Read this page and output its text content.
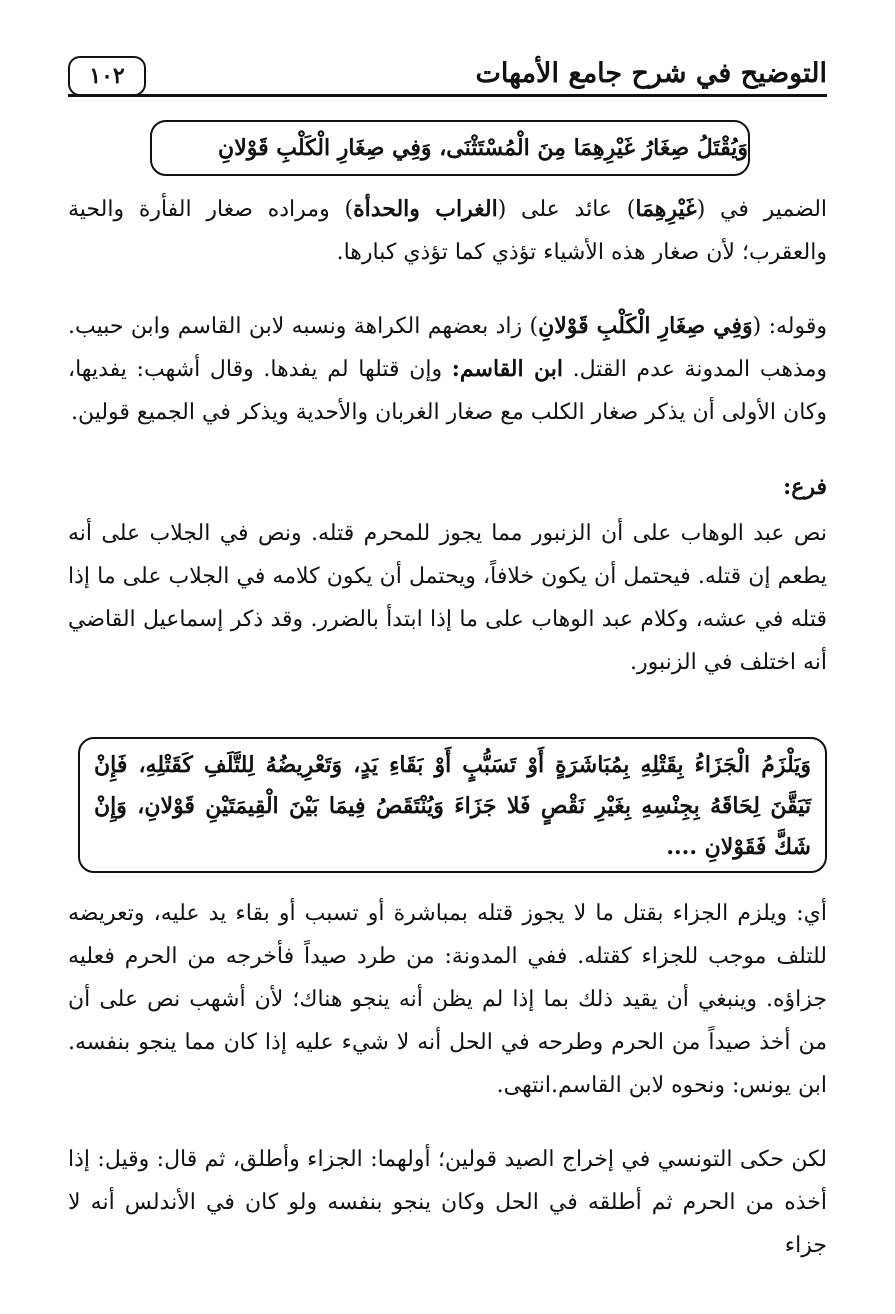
التوضيح في شرح جامع الأمهات
١٠٢
وَيُقْتَلُ صِغَارُ غَيْرِهِمَا مِنَ الْمُسْتَثْنَى، وَفِي صِغَارِ الْكَلْبِ قَوْلانِ
الضمير في (غَيْرِهِمَا) عائد على (الغراب والحدأة) ومراده صغار الفأرة والحية والعقرب؛ لأن صغار هذه الأشياء تؤذي كما تؤذي كبارها.
وقوله: (وَفِي صِغَارِ الْكَلْبِ قَوْلانِ) زاد بعضهم الكراهة ونسبه لابن القاسم وابن حبيب. ومذهب المدونة عدم القتل. ابن القاسم: وإن قتلها لم يفدها. وقال أشهب: يفديها، وكان الأولى أن يذكر صغار الكلب مع صغار الغربان والأحدية ويذكر في الجميع قولين.
فرع:
نص عبد الوهاب على أن الزنبور مما يجوز للمحرم قتله. ونص في الجلاب على أنه يطعم إن قتله. فيحتمل أن يكون خلافاً، ويحتمل أن يكون كلامه في الجلاب على ما إذا قتله في عشه، وكلام عبد الوهاب على ما إذا ابتدأ بالضرر. وقد ذكر إسماعيل القاضي أنه اختلف في الزنبور.
وَيَلْزَمُ الْجَزَاءُ بِقَتْلِهِ بِمُبَاشَرَةٍ أَوْ تَسَبُّبٍ أَوْ بَقَاءِ يَدٍ، وَتَعْرِيضُهُ لِلتَّلَفِ كَقَتْلِهِ، فَإِنْ تَيَقَّنَ لِحَاقَهُ بِجِنْسِهِ بِغَيْرِ نَقْصٍ فَلا جَزَاءَ وَيُنْتَقَصُ فِيمَا بَيْنَ الْقِيمَتَيْنِ قَوْلانِ، وَإِنْ شَكَّ فَقَوْلانِ ....
أي: ويلزم الجزاء بقتل ما لا يجوز قتله بمباشرة أو تسبب أو بقاء يد عليه، وتعريضه للتلف موجب للجزاء كقتله. ففي المدونة: من طرد صيداً فأخرجه من الحرم فعليه جزاؤه. وينبغي أن يقيد ذلك بما إذا لم يظن أنه ينجو هناك؛ لأن أشهب نص على أن من أخذ صيداً من الحرم وطرحه في الحل أنه لا شيء عليه إذا كان مما ينجو بنفسه. ابن يونس: ونحوه لابن القاسم.انتهى.
لكن حكى التونسي في إخراج الصيد قولين؛ أولهما: الجزاء وأطلق، ثم قال: وقيل: إذا أخذه من الحرم ثم أطلقه في الحل وكان ينجو بنفسه ولو كان في الأندلس أنه لا جزاء
